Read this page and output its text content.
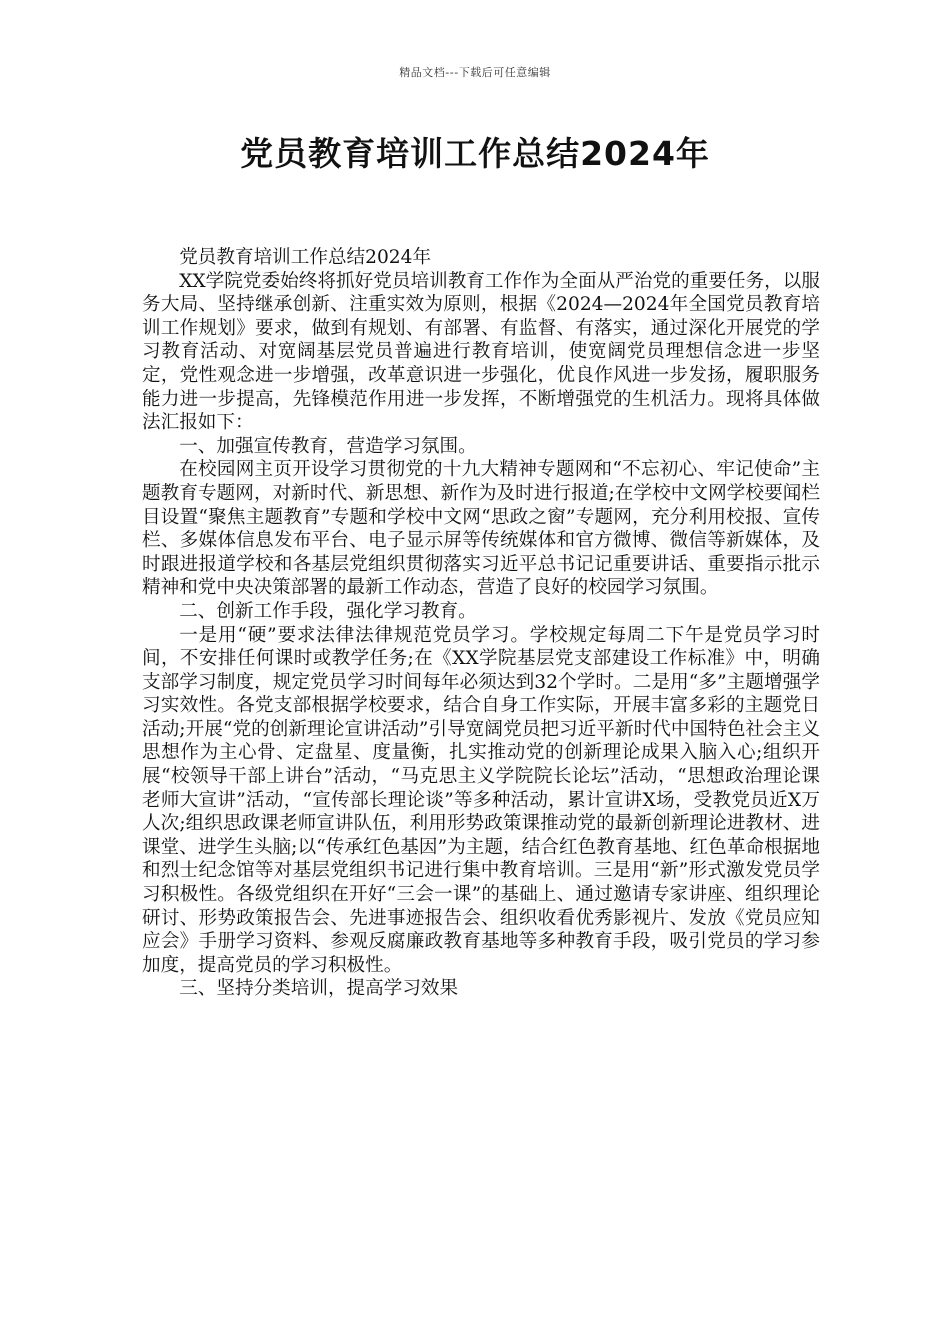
精品文档---下载后可任意编辑
党员教育培训工作总结2024年

党员教育培训工作总结2024年

XX学院党委始终将抓好党员培训教育工作作为全面从严治党的重要任务，以服务大局、坚持继承创新、注重实效为原则，根据《2024—2024年全国党员教育培训工作规划》要求，做到有规划、有部署、有监督、有落实，通过深化开展党的学习教育活动、对宽阔基层党员普遍进行教育培训，使宽阔党员理想信念进一步坚定，党性观念进一步增强，改革意识进一步强化，优良作风进一步发扬，履职服务能力进一步提高，先锋模范作用进一步发挥，不断增强党的生机活力。现将具体做法汇报如下：

一、加强宣传教育，营造学习氛围。

在校园网主页开设学习贯彻党的十九大精神专题网和“不忘初心、牢记使命”主题教育专题网，对新时代、新思想、新作为及时进行报道;在学校中文网学校要闻栏目设置“聚焦主题教育”专题和学校中文网“思政之窗”专题网，充分利用校报、宣传栏、多媒体信息发布平台、电子显示屏等传统媒体和官方微博、微信等新媒体，及时跟进报道学校和各基层党组织贯彻落实习近平总书记记重要讲话、重要指示批示精神和党中央决策部署的最新工作动态，营造了良好的校园学习氛围。

二、创新工作手段，强化学习教育。

一是用“硬”要求法律法律规范党员学习。学校规定每周二下午是党员学习时间，不安排任何课时或教学任务;在《XX学院基层党支部建设工作标准》中，明确支部学习制度，规定党员学习时间每年必须达到32个学时。二是用“多”主题增强学习实效性。各党支部根据学校要求，结合自身工作实际，开展丰富多彩的主题党日活动;开展“党的创新理论宣讲活动”引导宽阔党员把习近平新时代中国特色社会主义思想作为主心骨、定盘星、度量衡，扎实推动党的创新理论成果入脑入心;组织开展“校领导干部上讲台”活动，“马克思主义学院院长论坛”活动，“思想政治理论课老师大宣讲”活动，“宣传部长理论谈”等多种活动，累计宣讲X场，受教党员近X万人次;组织思政课老师宣讲队伍，利用形势政策课推动党的最新创新理论进教材、进课堂、进学生头脑;以“传承红色基因”为主题，结合红色教育基地、红色革命根据地和烈士纪念馆等对基层党组织书记进行集中教育培训。三是用“新”形式激发党员学习积极性。各级党组织在开好“三会一课”的基础上、通过邀请专家讲座、组织理论研讨、形势政策报告会、先进事迹报告会、组织收看优秀影视片、发放《党员应知应会》手册学习资料、参观反腐廉政教育基地等多种教育手段，吸引党员的学习参加度，提高党员的学习积极性。

三、坚持分类培训，提高学习效果
